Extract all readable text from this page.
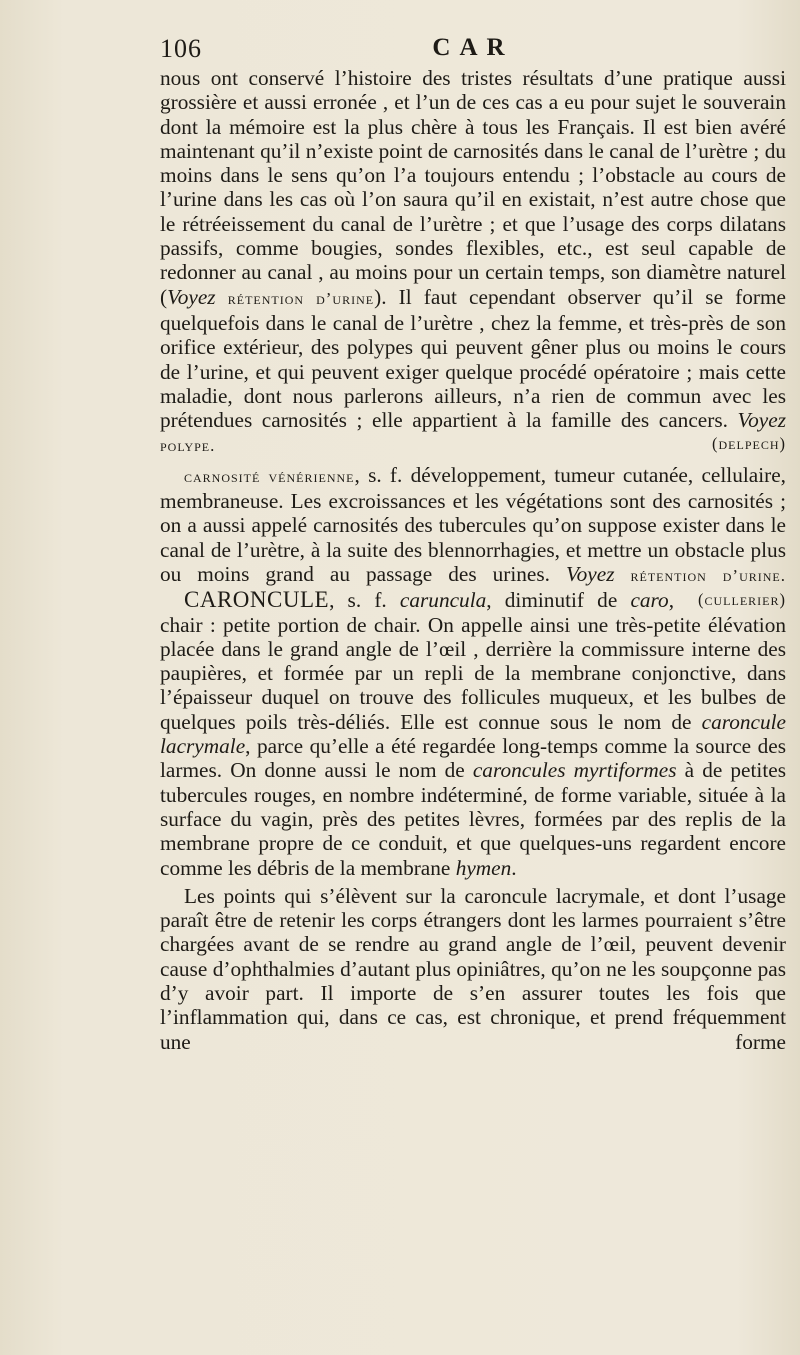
106	CAR

nous ont conservé l’histoire des tristes résultats d’une pratique aussi grossière et aussi erronée , et l’un de ces cas a eu pour sujet le souverain dont la mémoire est la plus chère à tous les Français. Il est bien avéré maintenant qu’il n’existe point de carnosités dans le canal de l’urètre ; du moins dans le sens qu’on l’a toujours entendu ; l’obstacle au cours de l’urine dans les cas où l’on saura qu’il en existait, n’est autre chose que le rétréeissement du canal de l’urètre ; et que l’usage des corps dilatans passifs, comme bougies, sondes flexibles, etc., est seul capable de redonner au canal , au moins pour un certain temps, son diamètre naturel (Voyez rétention d’urine). Il faut cependant observer qu’il se forme quelquefois dans le canal de l’urètre , chez la femme, et très-près de son orifice extérieur, des polypes qui peuvent gêner plus ou moins le cours de l’urine, et qui peuvent exiger quelque procédé opératoire ; mais cette maladie, dont nous parlerons ailleurs, n’a rien de commun avec les prétendues carnosités ; elle appartient à la famille des cancers. Voyez polype.	(delpech)

carnosité vénérienne, s. f. développement, tumeur cutanée, cellulaire, membraneuse. Les excroissances et les végétations sont des carnosités ; on a aussi appelé carnosités des tubercules qu’on suppose exister dans le canal de l’urètre, à la suite des blennorrhagies, et mettre un obstacle plus ou moins grand au passage des urines. Voyez rétention d’urine.
(cullerier)

CARONCULE, s. f. caruncula, diminutif de caro, chair : petite portion de chair. On appelle ainsi une très-petite élévation placée dans le grand angle de l’œil , derrière la commissure interne des paupières, et formée par un repli de la membrane conjonctive, dans l’épaisseur duquel on trouve des follicules muqueux, et les bulbes de quelques poils très-déliés. Elle est connue sous le nom de caroncule lacrymale, parce qu’elle a été regardée long-temps comme la source des larmes. On donne aussi le nom de caroncules myrtiformes à de petites tubercules rouges, en nombre indéterminé, de forme variable, située à la surface du vagin, près des petites lèvres, formées par des replis de la membrane propre de ce conduit, et que quelques-uns regardent encore comme les débris de la membrane hymen.

Les points qui s’élèvent sur la caroncule lacrymale, et dont l’usage paraît être de retenir les corps étrangers dont les larmes pourraient s’être chargées avant de se rendre au grand angle de l’œil, peuvent devenir cause d’ophthalmies d’autant plus opiniâtres, qu’on ne les soupçonne pas d’y avoir part. Il importe de s’en assurer toutes les fois que l’inflammation qui, dans ce cas, est chronique, et prend fréquemment une forme
